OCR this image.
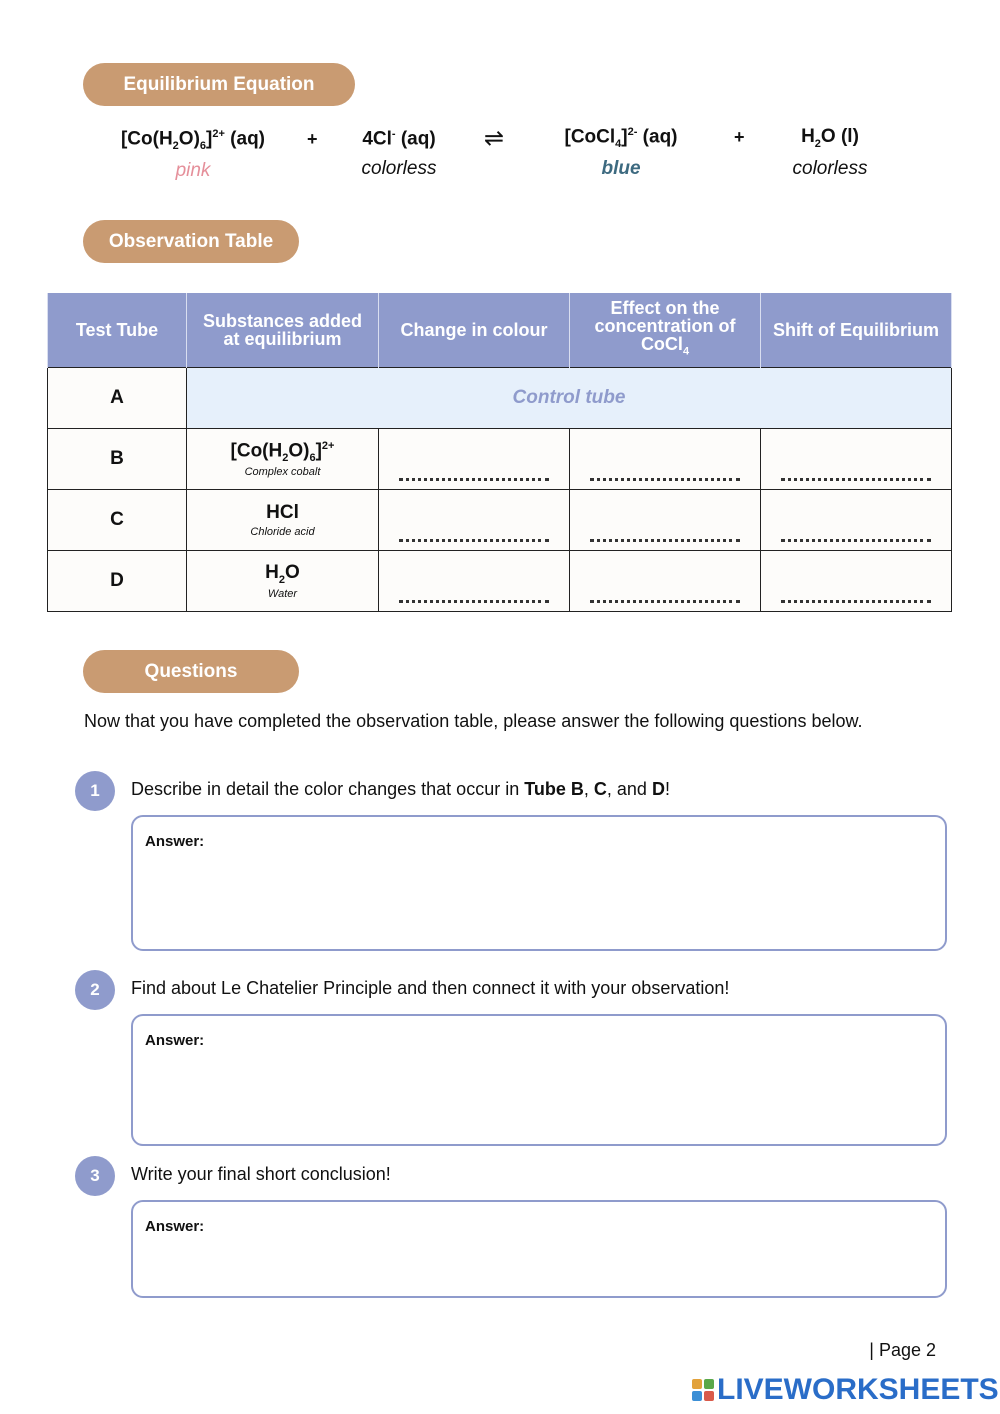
Equilibrium Equation
$[Co(H_2O)_6]^{2+}$ (aq)
pink
+	4Cl- (aq)
colorless
⇌	[CoCl$_4$]$^{2-}$ (aq)
blue
+	$H_2O$ (l)
colorless
Observation Table
Test Tube	Substances added at equilibrium	Change in colour	Effect on the concentration of CoCl$_4$	Shift of Equilibrium
A	Control tube			
B	$[Co(H_2O)_6]^{2+}$
Complex cobalt			

C	HCl
Chloride acid			

D	$H_2O$
Water			

Questions
Now that you have completed the observation table, please answer the following questions below.
1	Describe in detail the color changes that occur in Tube B, C, and D!
Answer:
2	Find about Le Chatelier Principle and then connect it with your observation!
Answer:
3	Write your final short conclusion!
Answer:
| Page 2
LIVEWORKSHEETS
